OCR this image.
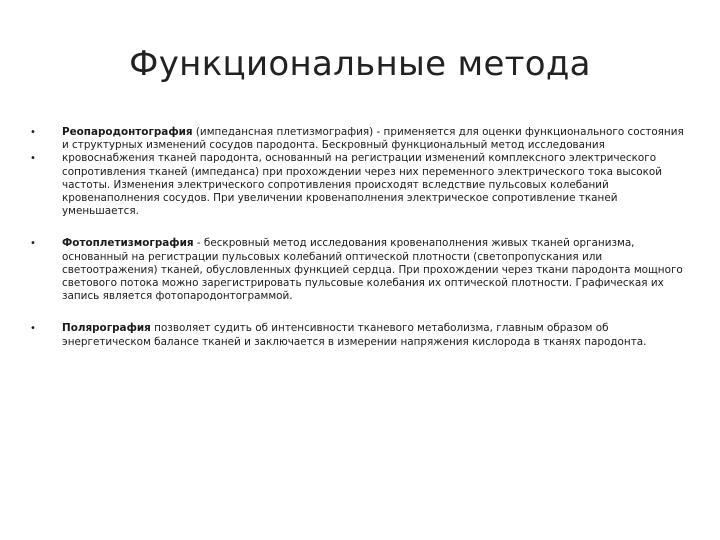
Функциональные метода
•
•
Реопародонтография (импедансная плетизмография) - применяется для оценки функционального состояния и структурных изменений сосудов пародонта. Бескровный функциональный метод исследования кровоснабжения тканей пародонта, основанный на регистрации изменений комплексного электрического сопротивления тканей (импеданса) при прохождении через них переменного электрического тока высокой частоты. Изменения электрического сопротивления происходят вследствие пульсовых колебаний кровенаполнения сосудов. При увеличении кровенаполнения электрическое сопротивление тканей уменьшается.
•	Фотоплетизмография - бескровный метод исследования кровенаполнения живых тканей организма, основанный на регистрации пульсовых колебаний оптической плотности (светопропускания или светоотражения) тканей, обусловленных функцией сердца. При прохождении через ткани пародонта мощного светового потока можно зарегистрировать пульсовые колебания их оптической плотности. Графическая их запись является фотопародонтограммой.
•	Полярография позволяет судить об интенсивности тканевого метаболизма, главным образом об энергетическом балансе тканей и заключается в измерении напряжения кислорода в тканях пародонта.
